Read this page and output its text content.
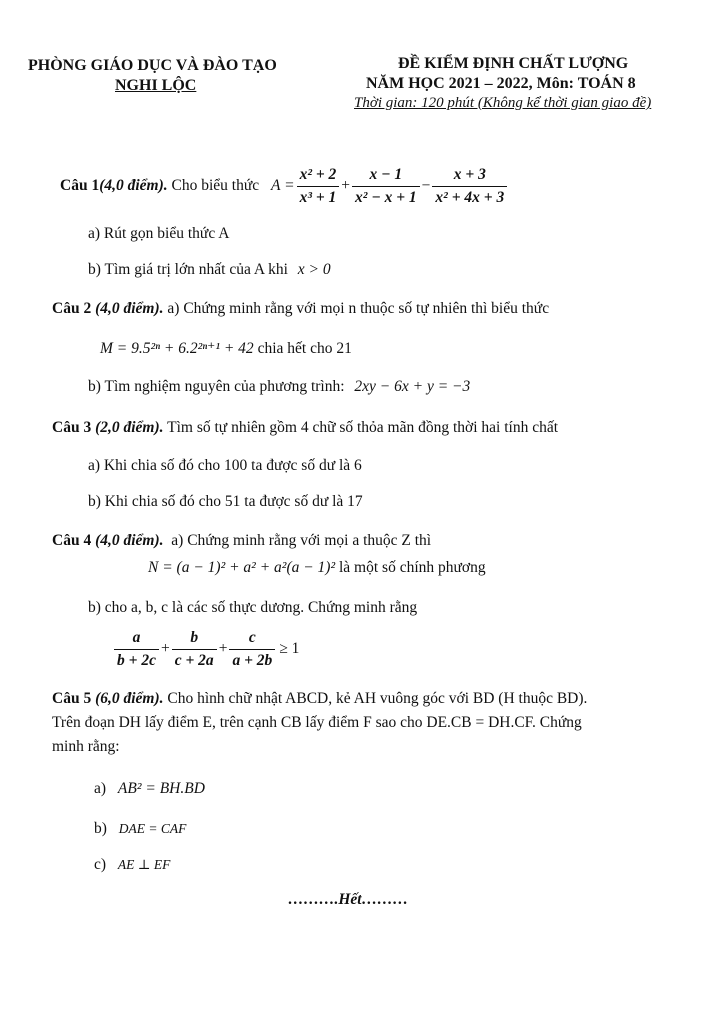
PHÒNG GIÁO DỤC VÀ ĐÀO TẠO
NGHI LỘC
ĐỀ KIỂM ĐỊNH CHẤT LƯỢNG
NĂM HỌC 2021 – 2022, Môn: TOÁN 8
Thời gian: 120 phút (Không kể thời gian giao đề)
Câu 1 (4,0 điểm). Cho biểu thức $A = \frac{\text{x² + 2}}{\text{x³ + 1}} + \frac{x - 1}{\text{x² − x + 1}} - \frac{x + 3}{\text{x² + 4x + 3}}$
a) Rút gọn biểu thức A
b) Tìm giá trị lớn nhất của A khi x > 0
Câu 2 (4,0 điểm). a) Chứng minh rằng với mọi n thuộc số tự nhiên thì biểu thức
M = 9.5²ⁿ + 6.2²ⁿ⁺¹ + 42 chia hết cho 21
b) Tìm nghiệm nguyên của phương trình: 2xy − 6x + y = −3
Câu 3 (2,0 điểm). Tìm số tự nhiên gồm 4 chữ số thỏa mãn đồng thời hai tính chất
a) Khi chia số đó cho 100 ta được số dư là 6
b) Khi chia số đó cho 51 ta được số dư là 17
Câu 4 (4,0 điểm).  a) Chứng minh rằng với mọi a thuộc Z thì
N = (a − 1)² + a² + a²(a − 1)² là một số chính phương
b) cho a, b, c là các số thực dương. Chứng minh rằng
$\frac{a}{b + 2c} + \frac{b}{c + 2a} + \frac{c}{a + 2b} \ge 1$
Câu 5 (6,0 điểm). Cho hình chữ nhật ABCD, kẻ AH vuông góc với BD (H thuộc BD).
Trên đoạn DH lấy điểm E, trên cạnh CB lấy điểm F sao cho DE.CB = DH.CF. Chứng
minh rằng:
a) AB² = BH.BD
b) DAE = CAF
c) AE ⊥ EF
……….Hết………
